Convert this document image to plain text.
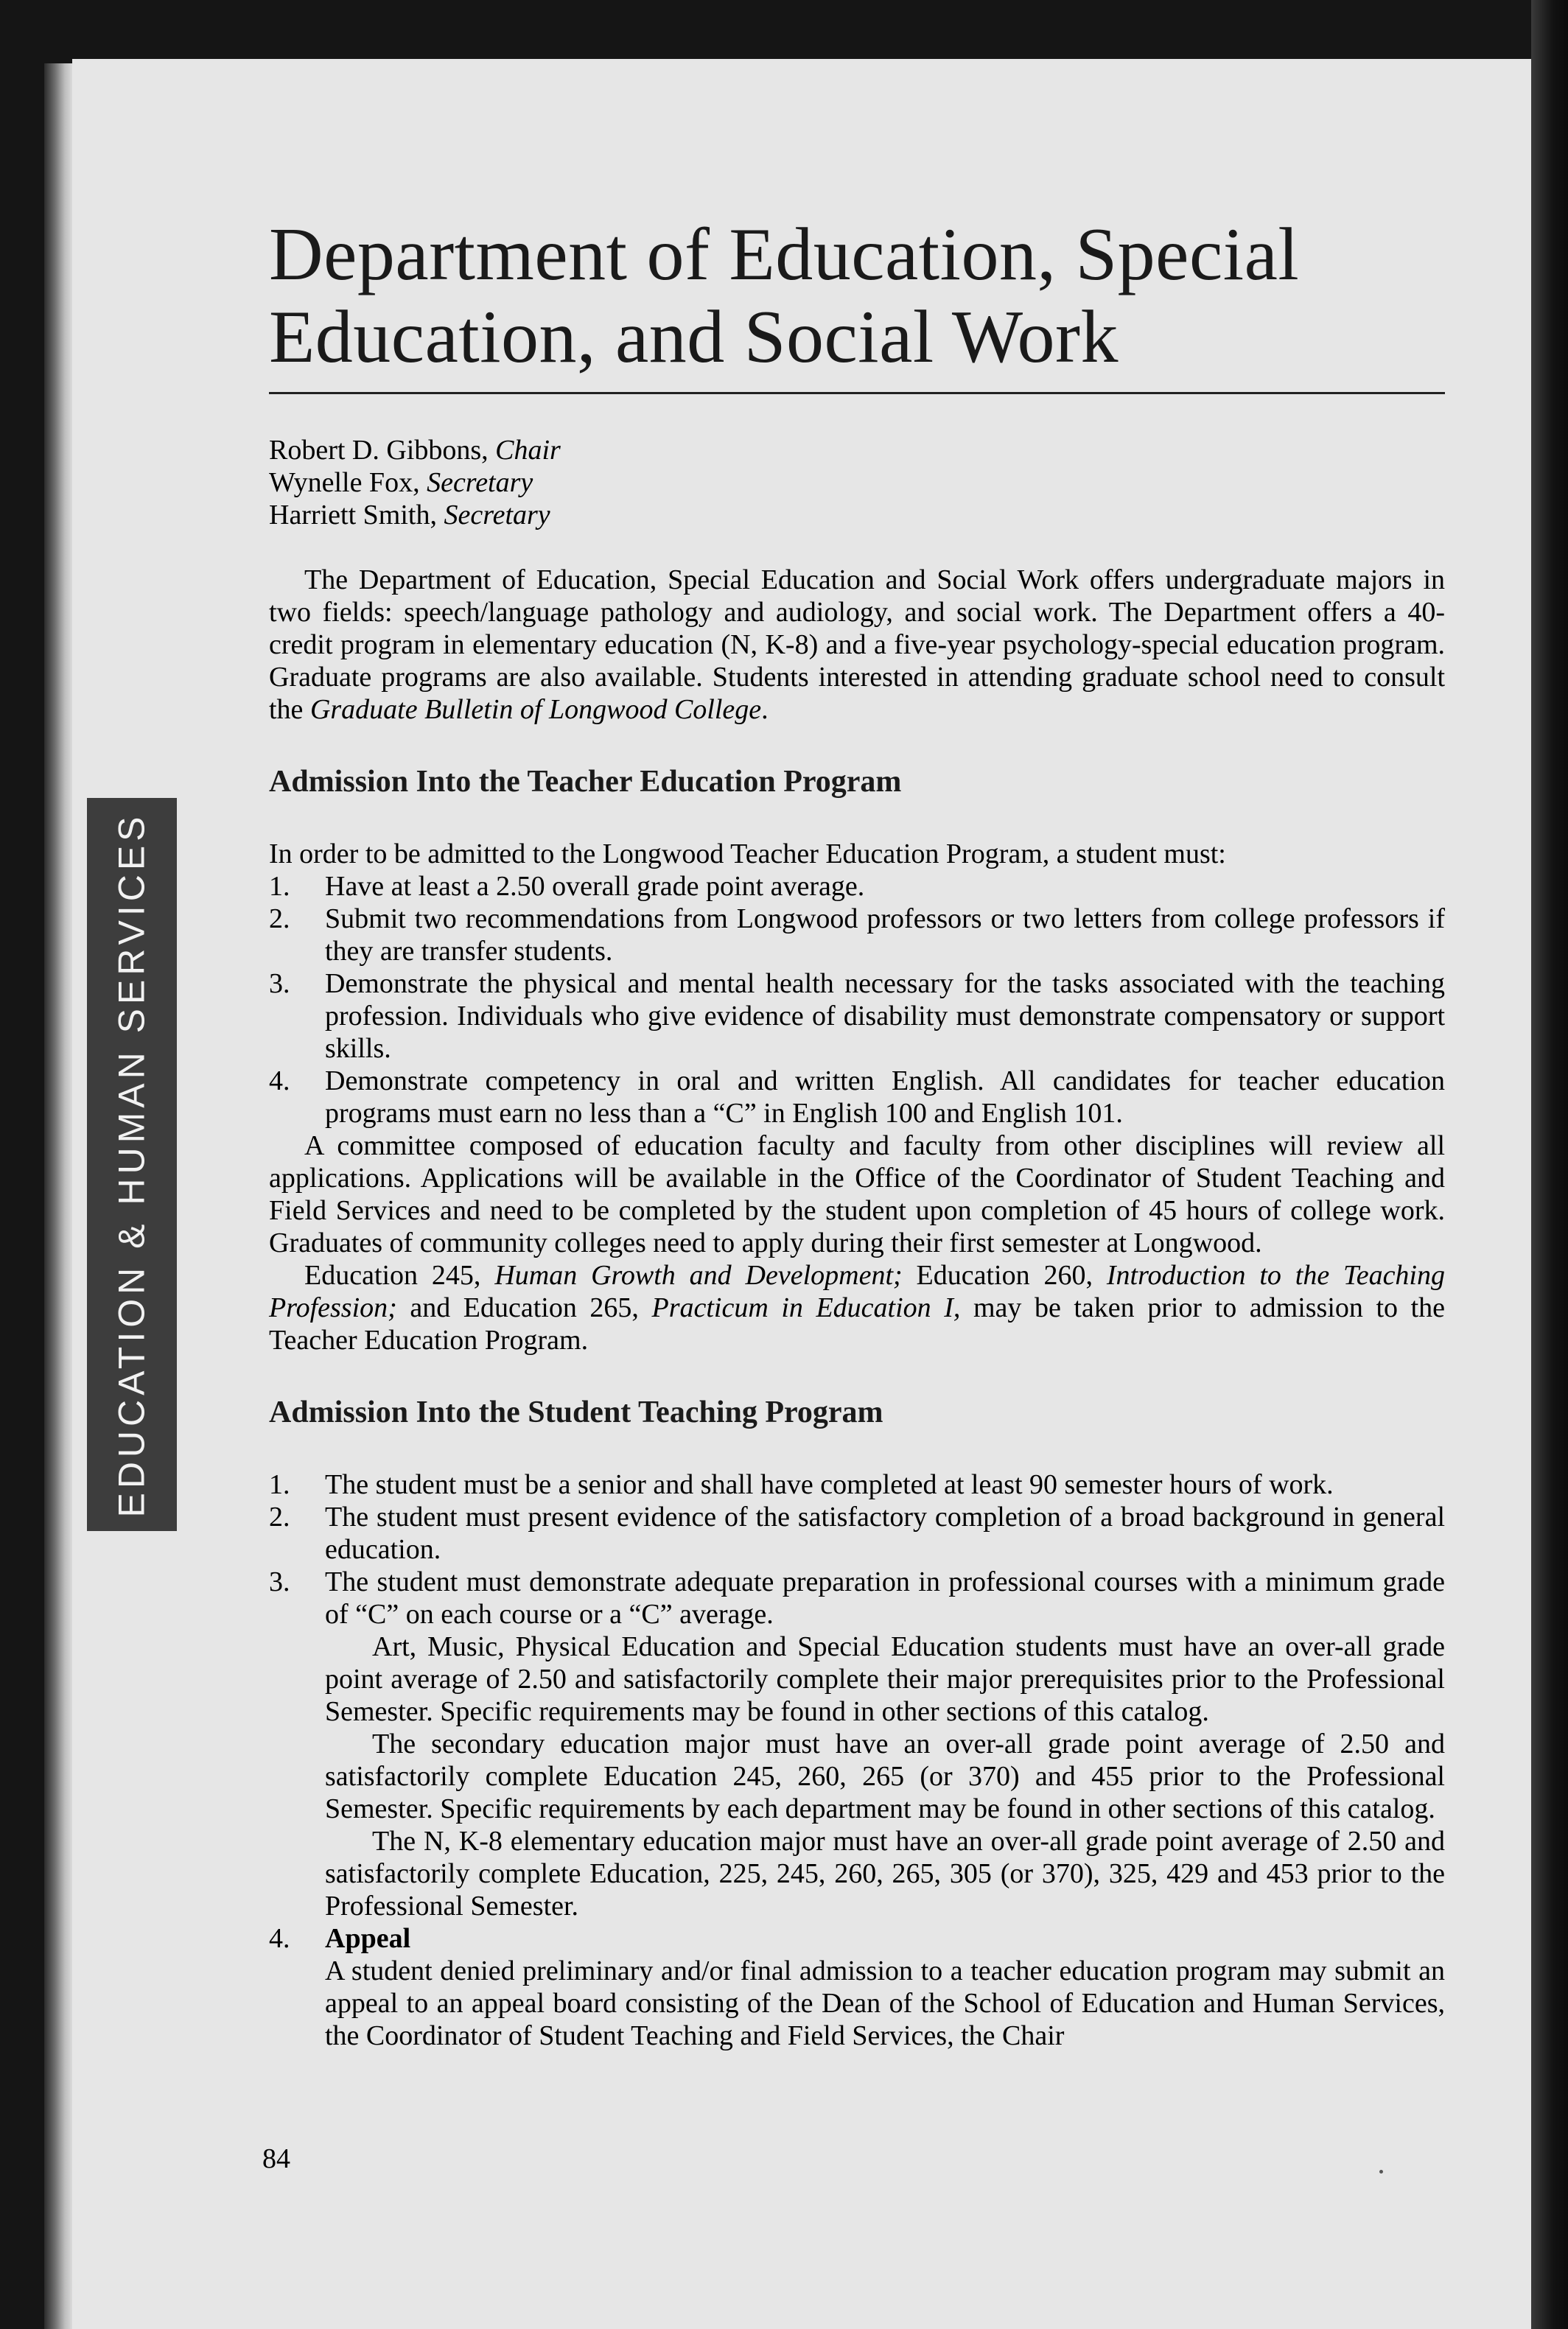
EDUCATION & HUMAN SERVICES
Department of Education, Special
Education, and Social Work
Robert D. Gibbons, Chair
Wynelle Fox, Secretary
Harriett Smith, Secretary

The Department of Education, Special Education and Social Work offers undergraduate majors in two fields: speech/language pathology and audiology, and social work. The Department offers a 40-credit program in elementary education (N, K-8) and a five-year psychology-special education program. Graduate programs are also available. Students interested in attending graduate school need to consult the Graduate Bulletin of Longwood College.

Admission Into the Teacher Education Program

In order to be admitted to the Longwood Teacher Education Program, a student must:

1. Have at least a 2.50 overall grade point average.
2. Submit two recommendations from Longwood professors or two letters from college professors if they are transfer students.
3. Demonstrate the physical and mental health necessary for the tasks associated with the teaching profession. Individuals who give evidence of disability must demonstrate compensatory or support skills.
4. Demonstrate competency in oral and written English. All candidates for teacher education programs must earn no less than a “C” in English 100 and English 101.

A committee composed of education faculty and faculty from other disciplines will review all applications. Applications will be available in the Office of the Coordinator of Student Teaching and Field Services and need to be completed by the student upon completion of 45 hours of college work. Graduates of community colleges need to apply during their first semester at Longwood.

Education 245, Human Growth and Development; Education 260, Introduction to the Teaching Profession; and Education 265, Practicum in Education I, may be taken prior to admission to the Teacher Education Program.

Admission Into the Student Teaching Program
1. The student must be a senior and shall have completed at least 90 semester hours of work.
2. The student must present evidence of the satisfactory completion of a broad background in general education.
3. The student must demonstrate adequate preparation in professional courses with a minimum grade of “C” on each course or a “C” average.

Art, Music, Physical Education and Special Education students must have an over-all grade point average of 2.50 and satisfactorily complete their major prerequisites prior to the Professional Semester. Specific requirements may be found in other sections of this catalog.

The secondary education major must have an over-all grade point average of 2.50 and satisfactorily complete Education 245, 260, 265 (or 370) and 455 prior to the Professional Semester. Specific requirements by each department may be found in other sections of this catalog.

The N, K-8 elementary education major must have an over-all grade point average of 2.50 and satisfactorily complete Education, 225, 245, 260, 265, 305 (or 370), 325, 429 and 453 prior to the Professional Semester.

4. Appeal
A student denied preliminary and/or final admission to a teacher education program may submit an appeal to an appeal board consisting of the Dean of the School of Education and Human Services, the Coordinator of Student Teaching and Field Services, the Chair
84
